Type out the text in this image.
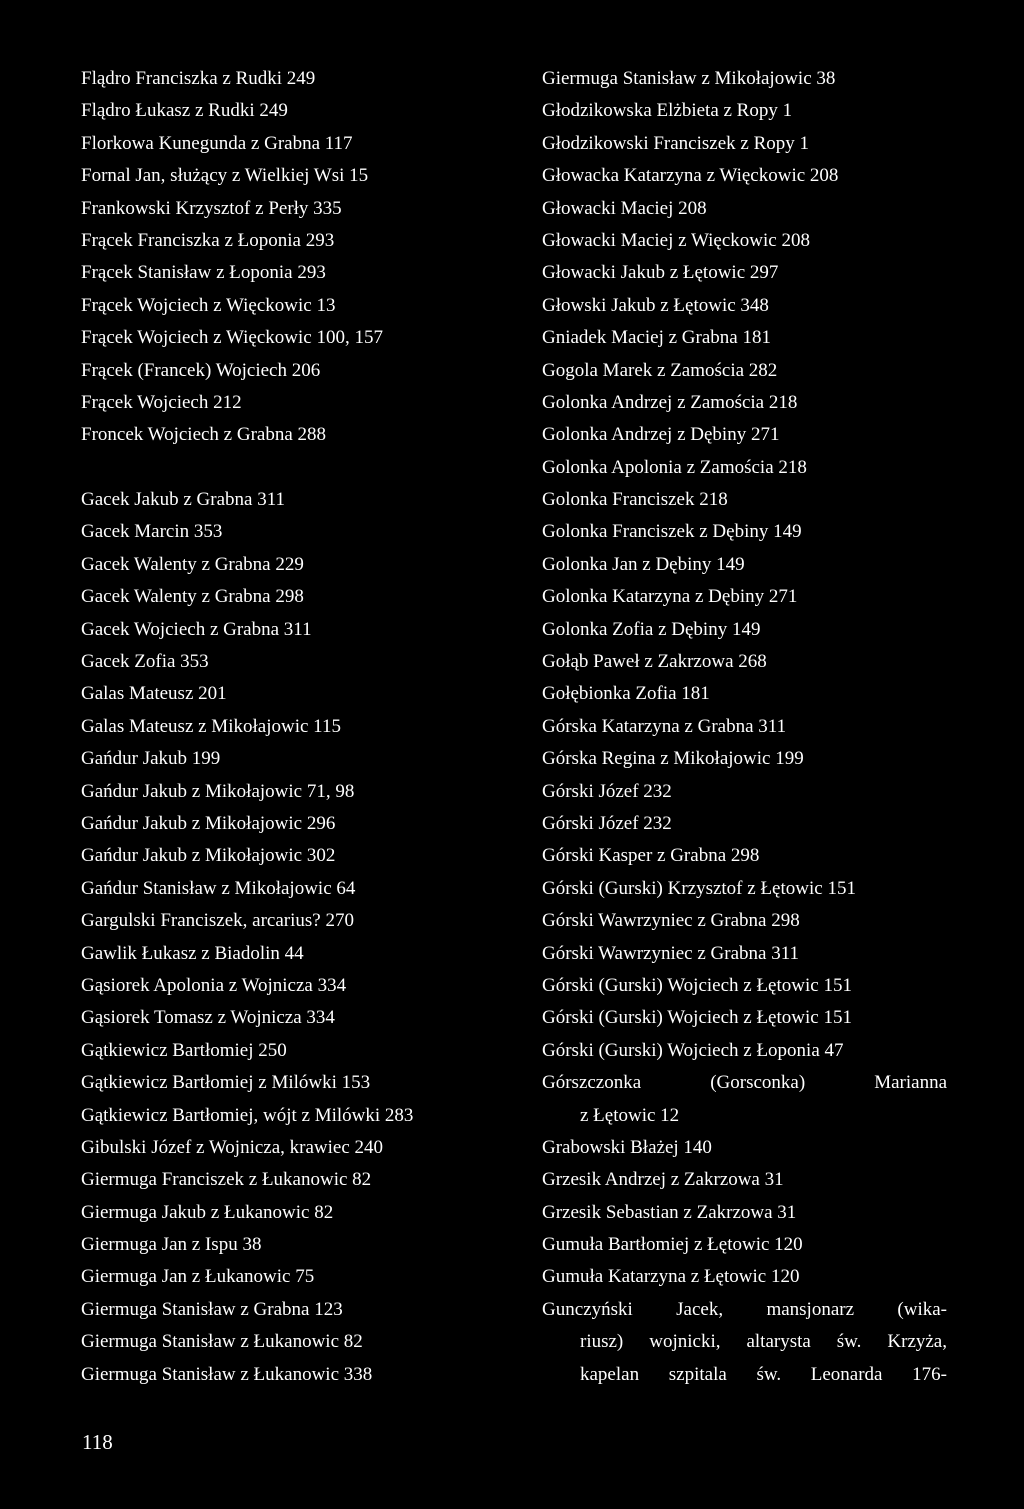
Flądro Franciszka z Rudki 249
Flądro Łukasz z Rudki 249
Florkowa Kunegunda z Grabna 117
Fornal Jan, służący z Wielkiej Wsi 15
Frankowski Krzysztof z Perły 335
Frącek Franciszka z Łoponia 293
Frącek Stanisław z Łoponia 293
Frącek Wojciech z Więckowic 13
Frącek Wojciech z Więckowic 100, 157
Frącek (Francek) Wojciech 206
Frącek Wojciech 212
Froncek Wojciech z Grabna 288
Gacek Jakub z Grabna 311
Gacek Marcin 353
Gacek Walenty z Grabna 229
Gacek Walenty z Grabna 298
Gacek Wojciech z Grabna 311
Gacek Zofia 353
Galas Mateusz 201
Galas Mateusz z Mikołajowic 115
Gańdur Jakub 199
Gańdur Jakub z Mikołajowic 71, 98
Gańdur Jakub z Mikołajowic 296
Gańdur Jakub z Mikołajowic 302
Gańdur Stanisław z Mikołajowic 64
Gargulski Franciszek, arcarius? 270
Gawlik Łukasz z Biadolin 44
Gąsiorek Apolonia z Wojnicza 334
Gąsiorek Tomasz z Wojnicza 334
Gątkiewicz Bartłomiej 250
Gątkiewicz Bartłomiej z Milówki 153
Gątkiewicz Bartłomiej, wójt z Milówki 283
Gibulski Józef z Wojnicza, krawiec 240
Giermuga Franciszek z Łukanowic 82
Giermuga Jakub z Łukanowic 82
Giermuga Jan z Ispu 38
Giermuga Jan z Łukanowic 75
Giermuga Stanisław z Grabna 123
Giermuga Stanisław z Łukanowic 82
Giermuga Stanisław z Łukanowic 338
Giermuga Stanisław z Mikołajowic 38
Głodzikowska Elżbieta z Ropy 1
Głodzikowski Franciszek z Ropy 1
Głowacka Katarzyna z Więckowic 208
Głowacki Maciej 208
Głowacki Maciej z Więckowic 208
Głowacki Jakub z Łętowic 297
Głowski Jakub z Łętowic 348
Gniadek Maciej z Grabna 181
Gogola Marek z Zamościa 282
Golonka Andrzej z Zamościa 218
Golonka Andrzej z Dębiny 271
Golonka Apolonia z Zamościa 218
Golonka Franciszek 218
Golonka Franciszek z Dębiny 149
Golonka Jan z Dębiny 149
Golonka Katarzyna z Dębiny 271
Golonka Zofia z Dębiny 149
Gołąb Paweł z Zakrzowa 268
Gołębionka Zofia 181
Górska Katarzyna z Grabna 311
Górska Regina z Mikołajowic 199
Górski Józef 232
Górski Józef 232
Górski Kasper z Grabna 298
Górski (Gurski) Krzysztof z Łętowic 151
Górski Wawrzyniec z Grabna 298
Górski Wawrzyniec z Grabna 311
Górski (Gurski) Wojciech z Łętowic 151
Górski (Gurski) Wojciech z Łętowic 151
Górski (Gurski) Wojciech z Łoponia 47
Górszczonka (Gorsconka) Marianna
z Łętowic 12
Grabowski Błażej 140
Grzesik Andrzej z Zakrzowa 31
Grzesik Sebastian z Zakrzowa 31
Gumuła Bartłomiej z Łętowic 120
Gumuła Katarzyna z Łętowic 120
Gunczyński Jacek, mansjonarz (wika-
riusz) wojnicki, altarysta św. Krzyża,
kapelan szpitala św. Leonarda 176-
118
